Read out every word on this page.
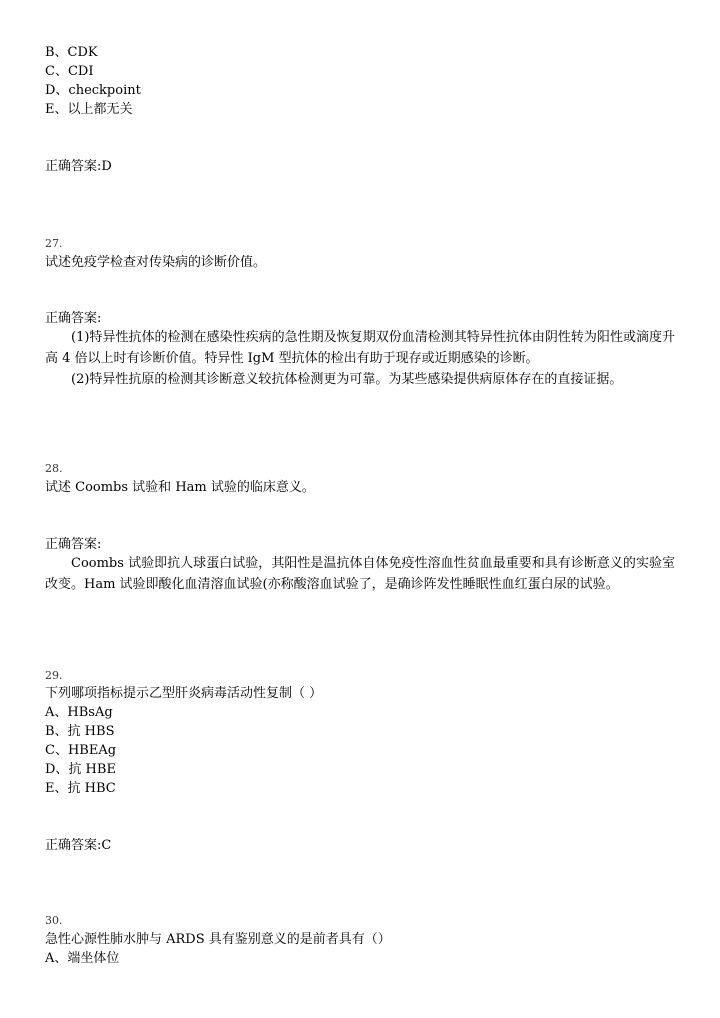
B、CDK
C、CDI
D、checkpoint
E、以上都无关
正确答案:D
27.
试述免疫学检查对传染病的诊断价值。
正确答案:
(1)特异性抗体的检测在感染性疾病的急性期及恢复期双份血清检测其特异性抗体由阴性转为阳性或滴度升高 4 倍以上时有诊断价值。特异性 IgM 型抗体的检出有助于现存或近期感染的诊断。
(2)特异性抗原的检测其诊断意义较抗体检测更为可靠。为某些感染提供病原体存在的直接证据。
28.
试述 Coombs 试验和 Ham 试验的临床意义。
正确答案:
Coombs 试验即抗人球蛋白试验，其阳性是温抗体自体免疫性溶血性贫血最重要和具有诊断意义的实验室改变。Ham 试验即酸化血清溶血试验(亦称酸溶血试验了，是确诊阵发性睡眠性血红蛋白尿的试验。
29.
下列哪项指标提示乙型肝炎病毒活动性复制（ ）
A、HBsAg
B、抗 HBS
C、HBEAg
D、抗 HBE
E、抗 HBC
正确答案:C
30.
急性心源性肺水肿与 ARDS 具有鉴别意义的是前者具有（）
A、端坐体位
